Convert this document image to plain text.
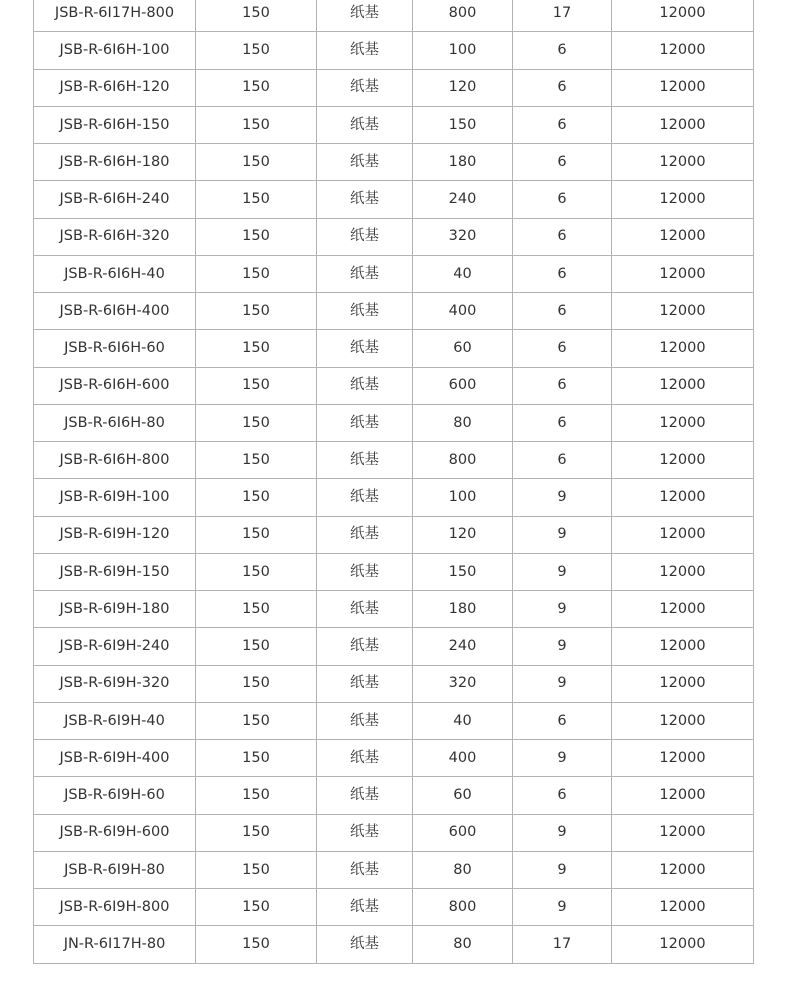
JSB-R-6I17H-800	150	纸基	800	17	12000
JSB-R-6I6H-100	150	纸基	100	6	12000
JSB-R-6I6H-120	150	纸基	120	6	12000
JSB-R-6I6H-150	150	纸基	150	6	12000
JSB-R-6I6H-180	150	纸基	180	6	12000
JSB-R-6I6H-240	150	纸基	240	6	12000
JSB-R-6I6H-320	150	纸基	320	6	12000
JSB-R-6I6H-40	150	纸基	40	6	12000
JSB-R-6I6H-400	150	纸基	400	6	12000
JSB-R-6I6H-60	150	纸基	60	6	12000
JSB-R-6I6H-600	150	纸基	600	6	12000
JSB-R-6I6H-80	150	纸基	80	6	12000
JSB-R-6I6H-800	150	纸基	800	6	12000
JSB-R-6I9H-100	150	纸基	100	9	12000
JSB-R-6I9H-120	150	纸基	120	9	12000
JSB-R-6I9H-150	150	纸基	150	9	12000
JSB-R-6I9H-180	150	纸基	180	9	12000
JSB-R-6I9H-240	150	纸基	240	9	12000
JSB-R-6I9H-320	150	纸基	320	9	12000
JSB-R-6I9H-40	150	纸基	40	6	12000
JSB-R-6I9H-400	150	纸基	400	9	12000
JSB-R-6I9H-60	150	纸基	60	6	12000
JSB-R-6I9H-600	150	纸基	600	9	12000
JSB-R-6I9H-80	150	纸基	80	9	12000
JSB-R-6I9H-800	150	纸基	800	9	12000
JN-R-6I17H-80	150	纸基	80	17	12000
